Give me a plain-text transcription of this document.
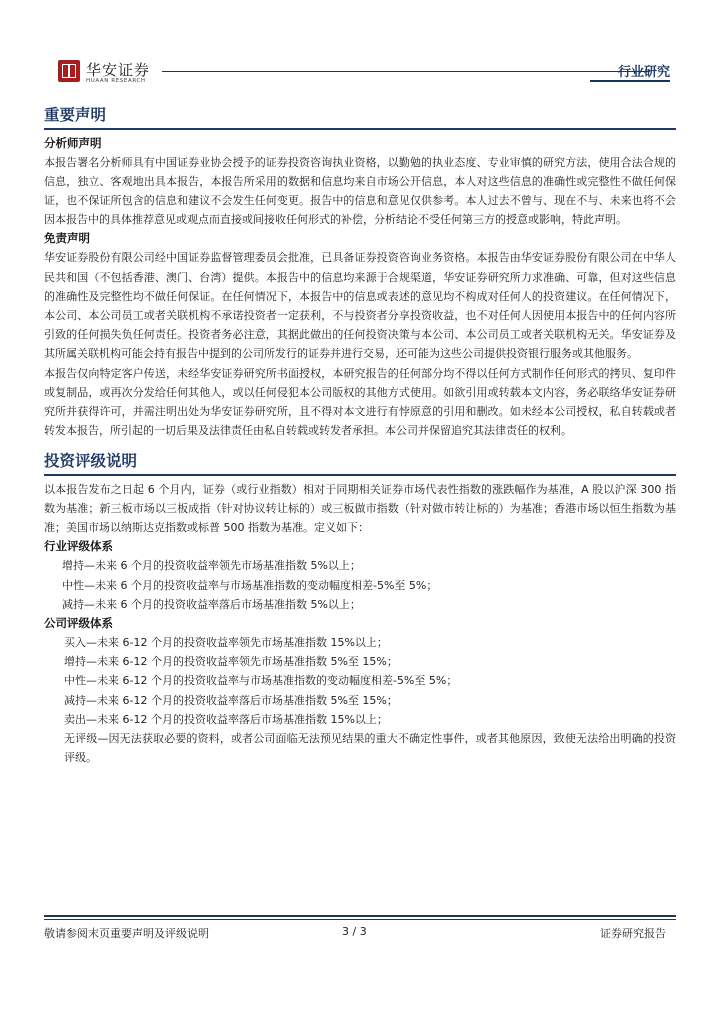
华安证券
HUAAN RESEARCH
行业研究
重要声明
分析师声明

本报告署名分析师具有中国证券业协会授予的证券投资咨询执业资格，以勤勉的执业态度、专业审慎的研究方法，使用合法合规的信息，独立、客观地出具本报告，本报告所采用的数据和信息均来自市场公开信息，本人对这些信息的准确性或完整性不做任何保证，也不保证所包含的信息和建议不会发生任何变更。报告中的信息和意见仅供参考。本人过去不曾与、现在不与、未来也将不会因本报告中的具体推荐意见或观点而直接或间接收任何形式的补偿，分析结论不受任何第三方的授意或影响，特此声明。

免责声明

华安证券股份有限公司经中国证券监督管理委员会批准，已具备证券投资咨询业务资格。本报告由华安证券股份有限公司在中华人民共和国（不包括香港、澳门、台湾）提供。本报告中的信息均来源于合规渠道，华安证券研究所力求准确、可靠，但对这些信息的准确性及完整性均不做任何保证。在任何情况下，本报告中的信息或表述的意见均不构成对任何人的投资建议。在任何情况下，本公司、本公司员工或者关联机构不承诺投资者一定获利，不与投资者分享投资收益，也不对任何人因使用本报告中的任何内容所引致的任何损失负任何责任。投资者务必注意，其据此做出的任何投资决策与本公司、本公司员工或者关联机构无关。华安证券及其所属关联机构可能会持有报告中提到的公司所发行的证券并进行交易，还可能为这些公司提供投资银行服务或其他服务。

本报告仅向特定客户传送，未经华安证券研究所书面授权，本研究报告的任何部分均不得以任何方式制作任何形式的拷贝、复印件或复制品，或再次分发给任何其他人，或以任何侵犯本公司版权的其他方式使用。如欲引用或转载本文内容，务必联络华安证券研究所并获得许可，并需注明出处为华安证券研究所，且不得对本文进行有悖原意的引用和删改。如未经本公司授权，私自转载或者转发本报告，所引起的一切后果及法律责任由私自转载或转发者承担。本公司并保留追究其法律责任的权利。

投资评级说明

以本报告发布之日起 6 个月内，证券（或行业指数）相对于同期相关证券市场代表性指数的涨跌幅作为基准，A 股以沪深 300 指数为基准；新三板市场以三板成指（针对协议转让标的）或三板做市指数（针对做市转让标的）为基准；香港市场以恒生指数为基准；美国市场以纳斯达克指数或标普 500 指数为基准。定义如下：

行业评级体系
增持—未来 6 个月的投资收益率领先市场基准指数 5%以上；
中性—未来 6 个月的投资收益率与市场基准指数的变动幅度相差-5%至 5%；
减持—未来 6 个月的投资收益率落后市场基准指数 5%以上；
公司评级体系
买入—未来 6-12 个月的投资收益率领先市场基准指数 15%以上；
增持—未来 6-12 个月的投资收益率领先市场基准指数 5%至 15%；
中性—未来 6-12 个月的投资收益率与市场基准指数的变动幅度相差-5%至 5%；
减持—未来 6-12 个月的投资收益率落后市场基准指数 5%至 15%；
卖出—未来 6-12 个月的投资收益率落后市场基准指数 15%以上；
无评级—因无法获取必要的资料，或者公司面临无法预见结果的重大不确定性事件，或者其他原因，致使无法给出明确的投资评级。
敬请参阅末页重要声明及评级说明	3 / 3	证券研究报告
